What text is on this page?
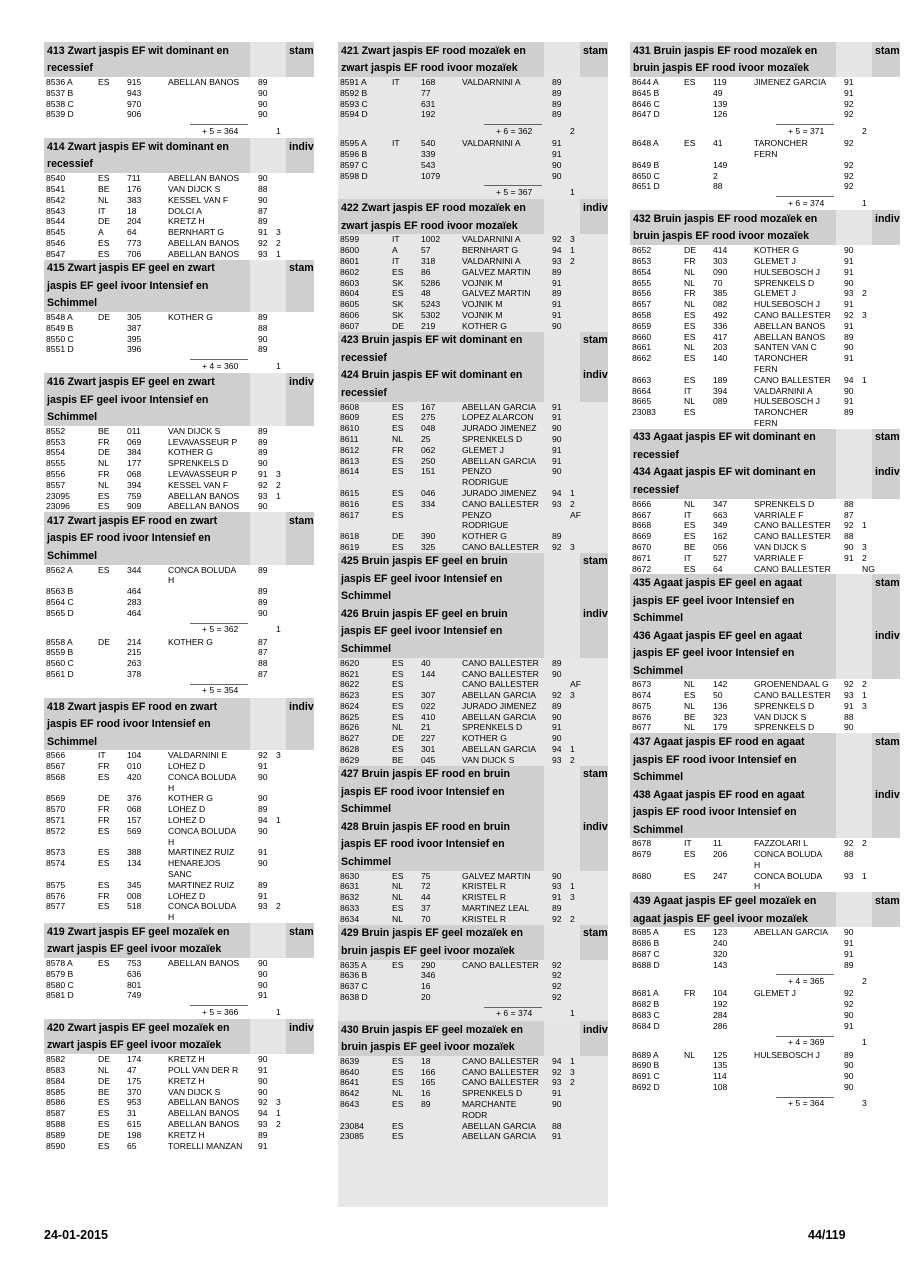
413 Zwart jaspis EF wit dominant en	stam
recessief
8536 A	ES 915	ABELLAN BANOS 89
8537 B	943	90
8538 C	970	90
8539 D	906	90
+ 5 = 364	1
414 Zwart jaspis EF wit dominant en	indiv
recessief
8540	ES 711	ABELLAN BANOS 90
8541	BE 176	VAN DIJCK S	88
8542	NL 383	KESSEL VAN F	90
8543	IT 18	DOLCI A	87
8544	DE 204	KRETZ H	89
8545	A	64	BERNHART G	91 3
8546	ES 773	ABELLAN BANOS 92 2
8547	ES 706	ABELLAN BANOS 93 1
415 Zwart jaspis EF geel en zwart	stam
jaspis EF geel ivoor Intensief en
Schimmel
8548 A	DE 305	KOTHER G	89
8549 B	387	88
8550 C	395	90
8551 D	396	89
+ 4 = 360	1
416 Zwart jaspis EF geel en zwart	indiv
jaspis EF geel ivoor Intensief en
Schimmel
8552	BE 011	VAN DIJCK S	89
8553	FR 069	LEVAVASSEUR P 89
8554	DE 384	KOTHER G	89
8555	NL 177	SPRENKELS D	90
8556	FR 068	LEVAVASSEUR P 91 3
8557	NL 394	KESSEL VAN F	92 2
23095	ES 759	ABELLAN BANOS 93 1
23096	ES 909	ABELLAN BANOS 90
417 Zwart jaspis EF rood en zwart	stam
jaspis EF rood ivoor Intensief en
Schimmel
8562 A	ES 344	CONCA BOLUDA	89
H
8563 B	464	89
8564 C	283	89
8565 D	464	90
+ 5 = 362	1
8558 A	DE 214	KOTHER G	87
8559 B	215	87
8560 C	263	88
8561 D	378	87
+ 5 = 354
418 Zwart jaspis EF rood en zwart	indiv
jaspis EF rood ivoor Intensief en
Schimmel
8566	IT 104	VALDARNINI E	92 3
8567	FR 010	LOHEZ D	91
8568	ES 420	CONCA BOLUDA	90
H
8569	DE 376	KOTHER G	90
8570	FR 068	LOHEZ D	89
8571	FR 157	LOHEZ D	94 1
8572	ES 569	CONCA BOLUDA	90
H
8573	ES 388	MARTINEZ RUIZ	91
8574	ES 134	HENAREJOS	90
SANC
8575	ES 345	MARTINEZ RUIZ	89
8576	FR 008	LOHEZ D	91
8577	ES 518	CONCA BOLUDA	93 2
H
419 Zwart jaspis EF geel mozaïek en	stam
zwart jaspis EF geel ivoor mozaïek
8578 A	ES 753	ABELLAN BANOS 90
8579 B	636	90
8580 C	801	90
8581 D	749	91
+ 5 = 366	1
420 Zwart jaspis EF geel mozaïek en	indiv
zwart jaspis EF geel ivoor mozaïek
8582	DE 174	KRETZ H	90
8583	NL 47	POLL VAN DER R 91
8584	DE 175	KRETZ H	90
8585	BE 370	VAN DIJCK S	90
8586	ES 953	ABELLAN BANOS 92 3
8587	ES 31	ABELLAN BANOS 94 1
8588	ES 615	ABELLAN BANOS 93 2
8589	DE 198	KRETZ H	89
8590	ES 65	TORELLI MANZAN 91
421 Zwart jaspis EF rood mozaïek en	stam
zwart jaspis EF rood ivoor mozaïek
8591 A	IT 168	VALDARNINI A	89
8592 B	77	89
8593 C	631	89
8594 D	192	89
+ 6 = 362	2
8595 A	IT 540	VALDARNINI A	91
8596 B	339	91
8597 C	543	90
8598 D	1079	90
+ 5 = 367	1
422 Zwart jaspis EF rood mozaïek en	indiv
zwart jaspis EF rood ivoor mozaïek
8599	IT 1002	VALDARNINI A	92 3
8600	A	57	BERNHART G	94 1
8601	IT 318	VALDARNINI A	93 2
8602	ES 86	GALVEZ MARTIN	89
8603	SK 5286	VOJNIK M	91
8604	ES 48	GALVEZ MARTIN	89
8605	SK 5243	VOJNIK M	91
8606	SK 5302	VOJNIK M	91
8607	DE 219	KOTHER G	90
423 Bruin jaspis EF wit dominant en	stam
recessief
424 Bruin jaspis EF wit dominant en	indiv
recessief
8608	ES 167	ABELLAN GARCIA 91
8609	ES 275	LOPEZ ALARCON 91
8610	ES 048	JURADO JIMENEZ 90
8611	NL 25	SPRENKELS D	90
8612	FR 062	GLEMET J	91
8613	ES 250	ABELLAN GARCIA 91
8614	ES 151	PENZO	90
RODRIGUE
8615	ES 046	JURADO JIMENEZ 94 1
8616	ES 334	CANO BALLESTER 93 2
8617	ES	PENZO	AF
RODRIGUE
8618	DE 390	KOTHER G	89
8619	ES 325	CANO BALLESTER 92 3
425 Bruin jaspis EF geel en bruin	stam
jaspis EF geel ivoor Intensief en
Schimmel
426 Bruin jaspis EF geel en bruin	indiv
jaspis EF geel ivoor Intensief en
Schimmel
8620	ES 40	CANO BALLESTER 89
8621	ES 144	CANO BALLESTER 90
8622	ES	CANO BALLESTER	AF
8623	ES 307	ABELLAN GARCIA 92 3
8624	ES 022	JURADO JIMENEZ 89
8625	ES 410	ABELLAN GARCIA 90
8626	NL 21	SPRENKELS D	91
8627	DE 227	KOTHER G	90
8628	ES 301	ABELLAN GARCIA 94 1
8629	BE 045	VAN DIJCK S	93 2
427 Bruin jaspis EF rood en bruin	stam
jaspis EF rood ivoor Intensief en
Schimmel
428 Bruin jaspis EF rood en bruin	indiv
jaspis EF rood ivoor Intensief en
Schimmel
8630	ES 75	GALVEZ MARTIN	90
8631	NL 72	KRISTEL R	93 1
8632	NL 44	KRISTEL R	91 3
8633	ES 37	MARTINEZ LEAL	89
8634	NL 70	KRISTEL R	92 2
429 Bruin jaspis EF geel mozaïek en	stam
bruin jaspis EF geel ivoor mozaïek
8635 A	ES 290	CANO BALLESTER 92
8636 B	346	92
8637 C	16	92
8638 D	20	92
+ 6 = 374	1
430 Bruin jaspis EF geel mozaïek en	indiv
bruin jaspis EF geel ivoor mozaïek
8639	ES 18	CANO BALLESTER 94 1
8640	ES 166	CANO BALLESTER 92 3
8641	ES 165	CANO BALLESTER 93 2
8642	NL 16	SPRENKELS D	91
8643	ES 89	MARCHANTE	90
RODR
23084	ES	ABELLAN GARCIA 88
23085	ES	ABELLAN GARCIA 91
431 Bruin jaspis EF rood mozaïek en	stam
bruin jaspis EF rood ivoor mozaïek
8644 A	ES 119	JIMENEZ GARCIA 91
8645 B	49	91
8646 C	139	92
8647 D	126	92
+ 5 = 371	2
8648 A	ES 41	TARONCHER	92
FERN
8649 B	149	92
8650 C	2	92
8651 D	88	92
+ 6 = 374	1
432 Bruin jaspis EF rood mozaïek en	indiv
bruin jaspis EF rood ivoor mozaïek
8652	DE 414	KOTHER G	90
8653	FR 303	GLEMET J	91
8654	NL 090	HULSEBOSCH J	91
8655	NL 70	SPRENKELS D	90
8656	FR 385	GLEMET J	93 2
8657	NL 082	HULSEBOSCH J	91
8658	ES 492	CANO BALLESTER 92 3
8659	ES 336	ABELLAN BANOS 91
8660	ES 417	ABELLAN BANOS 89
8661	NL 203	SANTEN VAN C	90
8662	ES 140	TARONCHER	91
FERN
8663	ES 189	CANO BALLESTER 94 1
8664	IT 394	VALDARNINI A	90
8665	NL 089	HULSEBOSCH J	91
23083	ES	TARONCHER	89
FERN
433 Agaat jaspis EF wit dominant en	stam
recessief
434 Agaat jaspis EF wit dominant en	indiv
recessief
8666	NL 347	SPRENKELS D	88
8667	IT 663	VARRIALE F	87
8668	ES 349	CANO BALLESTER 92 1
8669	ES 162	CANO BALLESTER 88
8670	BE 056	VAN DIJCK S	90 3
8671	IT 527	VARRIALE F	91 2
8672	ES 64	CANO BALLESTER	NG
435 Agaat jaspis EF geel en agaat	stam
jaspis EF geel ivoor Intensief en
Schimmel
436 Agaat jaspis EF geel en agaat	indiv
jaspis EF geel ivoor Intensief en
Schimmel
8673	NL 142	GROENENDAAL G 92 2
8674	ES 50	CANO BALLESTER 93 1
8675	NL 136	SPRENKELS D	91 3
8676	BE 323	VAN DIJCK S	88
8677	NL 179	SPRENKELS D	90
437 Agaat jaspis EF rood en agaat	stam
jaspis EF rood ivoor Intensief en
Schimmel
438 Agaat jaspis EF rood en agaat	indiv
jaspis EF rood ivoor Intensief en
Schimmel
8678	IT 11	FAZZOLARI L	92 2
8679	ES 206	CONCA BOLUDA	88
H
8680	ES 247	CONCA BOLUDA	93 1
H
439 Agaat jaspis EF geel mozaïek en	stam
agaat jaspis EF geel ivoor mozaïek
8685 A	ES 123	ABELLAN GARCIA 90
8686 B	240	91
8687 C	320	91
8688 D	143	89
+ 4 = 365	2
8681 A	FR 104	GLEMET J	92
8682 B	192	92
8683 C	284	90
8684 D	286	91
+ 4 = 369	1
8689 A	NL 125	HULSEBOSCH J	89
8690 B	135	90
8691 C	114	90
8692 D	108	90
+ 5 = 364	3
24-01-2015	44/119
